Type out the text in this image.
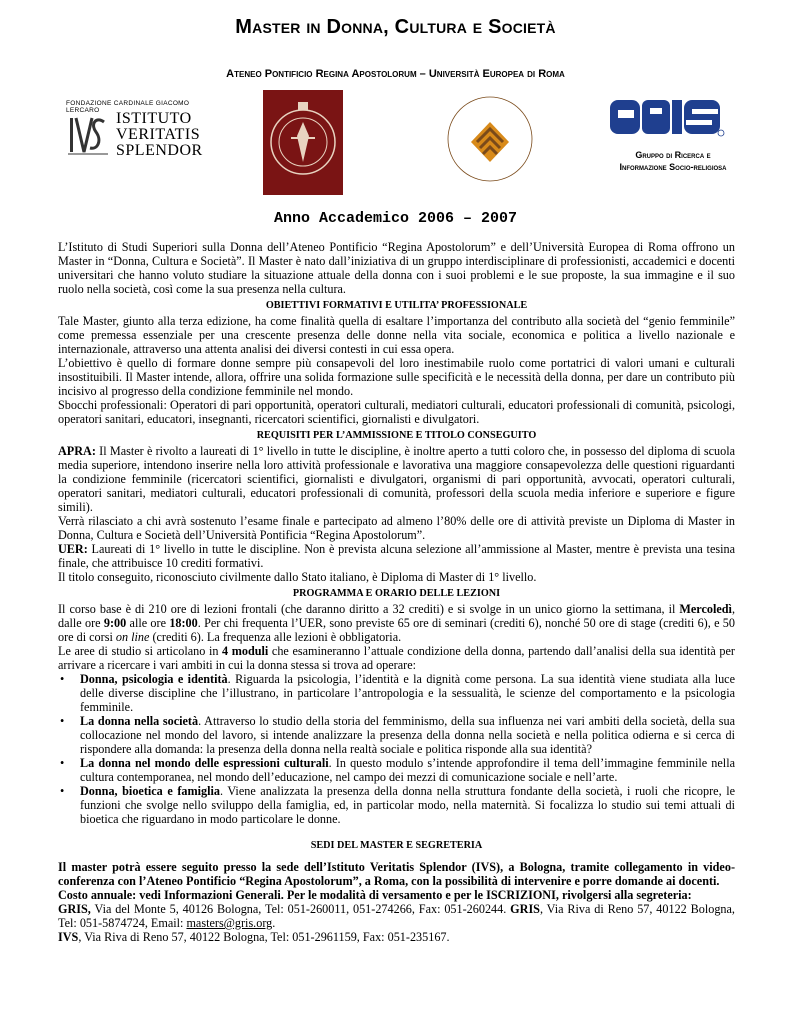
Master in Donna, Cultura e Società
Ateneo Pontificio Regina Apostolorum – Università Europea di Roma
FONDAZIONE CARDINALE GIACOMO LERCARO	ISTITUTO
VERITATIS
SPLENDOR	Gruppo di Ricerca e
Informazione Socio-religiosa
Anno Accademico 2006 – 2007

L’Istituto di Studi Superiori sulla Donna dell’Ateneo Pontificio “Regina Apostolorum” e dell’Università Europea di Roma offrono un Master in “Donna, Cultura e Società”. Il Master è nato dall’iniziativa di un gruppo interdisciplinare di professionisti, accademici e docenti universitari che hanno voluto studiare la situazione attuale della donna con i suoi problemi e le sue proposte, la sua immagine e il suo ruolo nella società, così come la sua presenza nella cultura.

OBIETTIVI FORMATIVI E UTILITA’ PROFESSIONALE

Tale Master, giunto alla terza edizione, ha come finalità quella di esaltare l’importanza del contributo alla società del “genio femminile” come premessa essenziale per una crescente presenza delle donne nella vita sociale, economica e politica a livello nazionale e internazionale, attraverso una attenta analisi dei diversi contesti in cui essa opera.

L’obiettivo è quello di formare donne sempre più consapevoli del loro inestimabile ruolo come portatrici di valori umani e culturali insostituibili. Il Master intende, allora, offrire una solida formazione sulle specificità e le necessità della donna, per dare un contributo più incisivo al progresso della condizione femminile nel mondo.

Sbocchi professionali: Operatori di pari opportunità, operatori culturali, mediatori culturali, educatori professionali di comunità, psicologi, operatori sanitari, educatori, insegnanti, ricercatori scientifici, giornalisti e divulgatori.

REQUISITI PER L’AMMISSIONE E TITOLO CONSEGUITO

APRA: Il Master è rivolto a laureati di 1° livello in tutte le discipline, è inoltre aperto a tutti coloro che, in possesso del diploma di scuola media superiore, intendono inserire nella loro attività professionale e lavorativa una maggiore consapevolezza delle questioni riguardanti la condizione femminile (ricercatori scientifici, giornalisti e divulgatori, organismi di pari opportunità, avvocati, operatori culturali, operatori sanitari, mediatori culturali, educatori professionali di comunità, professori della scuola media inferiore e superiore e figure simili).

Verrà rilasciato a chi avrà sostenuto l’esame finale e partecipato ad almeno l’80% delle ore di attività previste un Diploma di Master in Donna, Cultura e Società dell’Università Pontificia “Regina Apostolorum”.

UER: Laureati di 1° livello in tutte le discipline. Non è prevista alcuna selezione all’ammissione al Master, mentre è prevista una tesina finale, che attribuisce 10 crediti formativi.

Il titolo conseguito, riconosciuto civilmente dallo Stato italiano, è Diploma di Master di 1° livello.

PROGRAMMA E ORARIO DELLE LEZIONI

Il corso base è di 210 ore di lezioni frontali (che daranno diritto a 32 crediti) e si svolge in un unico giorno la settimana, il Mercoledì, dalle ore 9:00 alle ore 18:00. Per chi frequenta l’UER, sono previste 65 ore di seminari (crediti 6), nonché 50 ore di stage (crediti 6), e 50 ore di corsi on line (crediti 6). La frequenza alle lezioni è obbligatoria.

Le aree di studio si articolano in 4 moduli che esamineranno l’attuale condizione della donna, partendo dall’analisi della sua identità per arrivare a ricercare i vari ambiti in cui la donna stessa si trova ad operare:

• Donna, psicologia e identità. Riguarda la psicologia, l’identità e la dignità come persona. La sua identità viene studiata alla luce delle diverse discipline che l’illustrano, in particolare l’antropologia e la sessualità, le scienze del comportamento e la psicologia femminile.

• La donna nella società. Attraverso lo studio della storia del femminismo, della sua influenza nei vari ambiti della società, della sua collocazione nel mondo del lavoro, si intende analizzare la presenza della donna nella società e nella politica odierna e si cerca di rispondere alla domanda: la presenza della donna nella realtà sociale e politica risponde alla sua identità?

• La donna nel mondo delle espressioni culturali. In questo modulo s’intende approfondire il tema dell’immagine femminile nella cultura contemporanea, nel mondo dell’educazione, nel campo dei mezzi di comunicazione sociale e nell’arte.

• Donna, bioetica e famiglia. Viene analizzata la presenza della donna nella struttura fondante della società, i ruoli che ricopre, le funzioni che svolge nello sviluppo della famiglia, ed, in particolar modo, nella maternità. Si focalizza lo studio sui temi attuali di bioetica che riguardano in modo particolare le donne.

SEDI DEL MASTER E SEGRETERIA

Il master potrà essere seguito presso la sede dell’Istituto Veritatis Splendor (IVS), a Bologna, tramite collegamento in video-conferenza con l’Ateneo Pontificio “Regina Apostolorum”, a Roma, con la possibilità di intervenire e porre domande ai docenti.

Costo annuale: vedi Informazioni Generali. Per le modalità di versamento e per le ISCRIZIONI, rivolgersi alla segreteria:

GRIS, Via del Monte 5, 40126 Bologna, Tel: 051-260011, 051-274266, Fax: 051-260244. GRIS, Via Riva di Reno 57, 40122 Bologna, Tel: 051-5874724, Email: masters@gris.org.

IVS, Via Riva di Reno 57, 40122 Bologna, Tel: 051-2961159, Fax: 051-235167.
